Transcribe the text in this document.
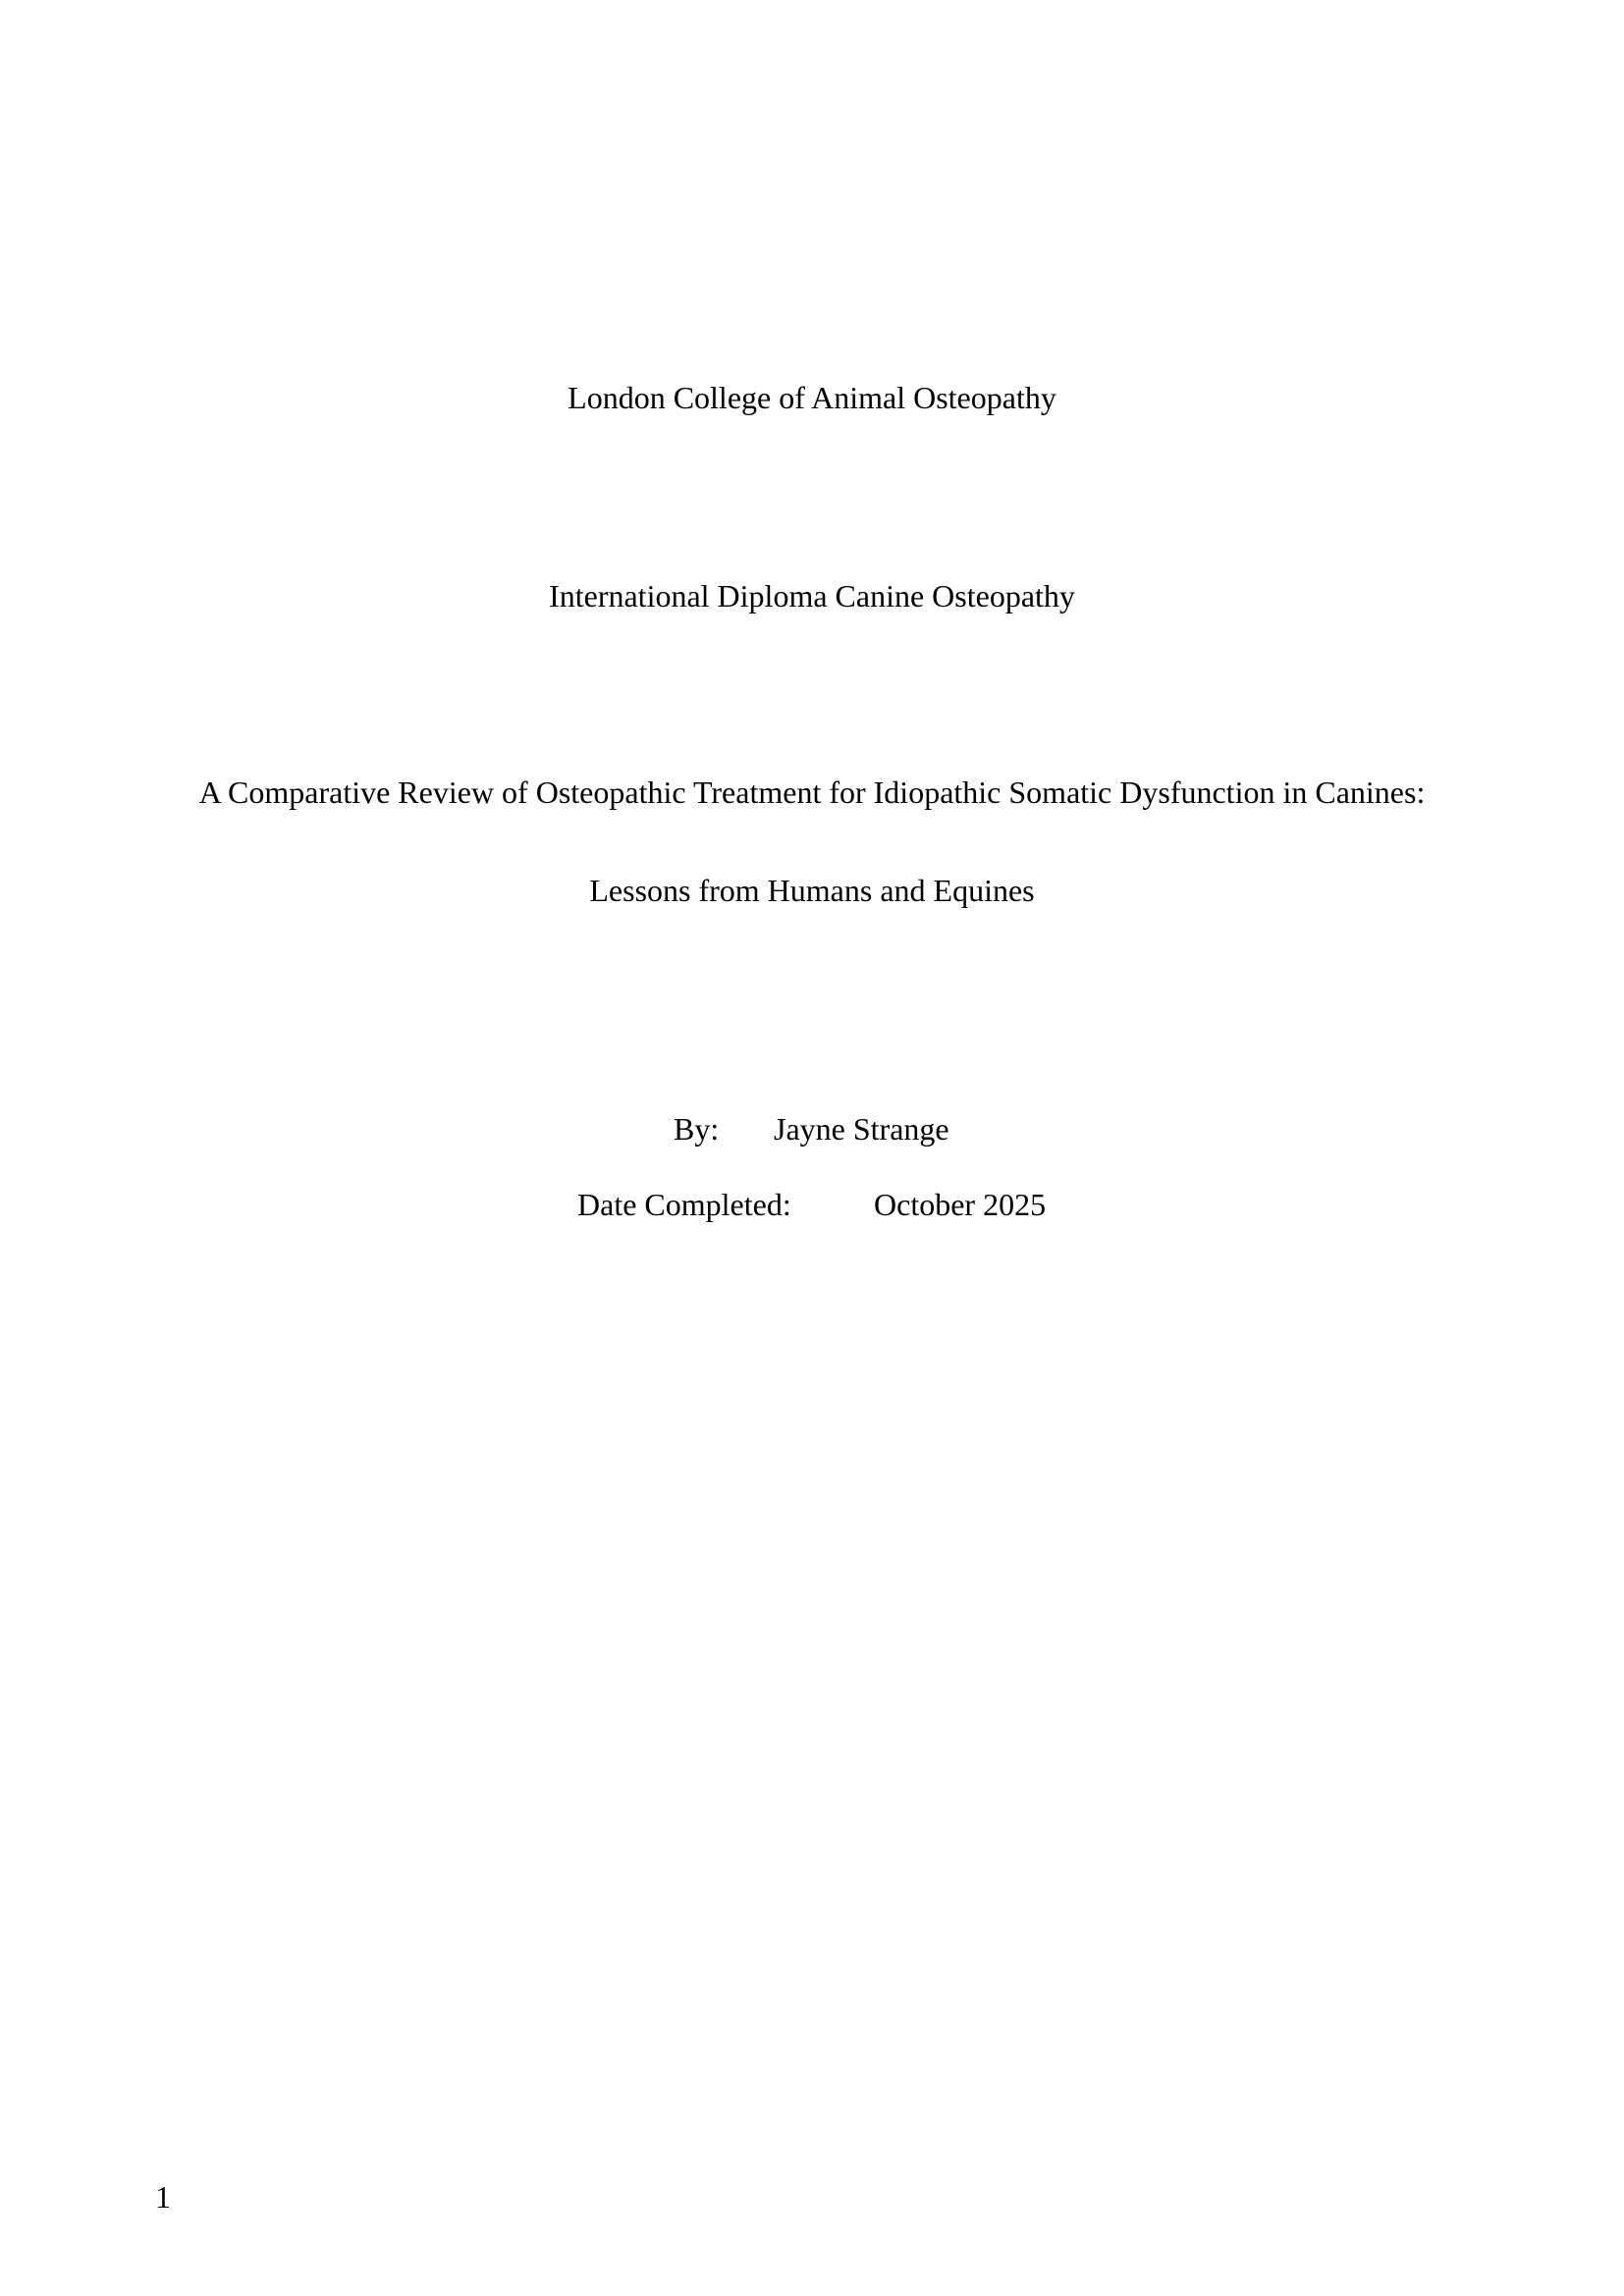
London College of Animal Osteopathy
International Diploma Canine Osteopathy
A Comparative Review of Osteopathic Treatment for Idiopathic Somatic Dysfunction in Canines:
Lessons from Humans and Equines
By: Jayne Strange
Date Completed:	October 2025
1
